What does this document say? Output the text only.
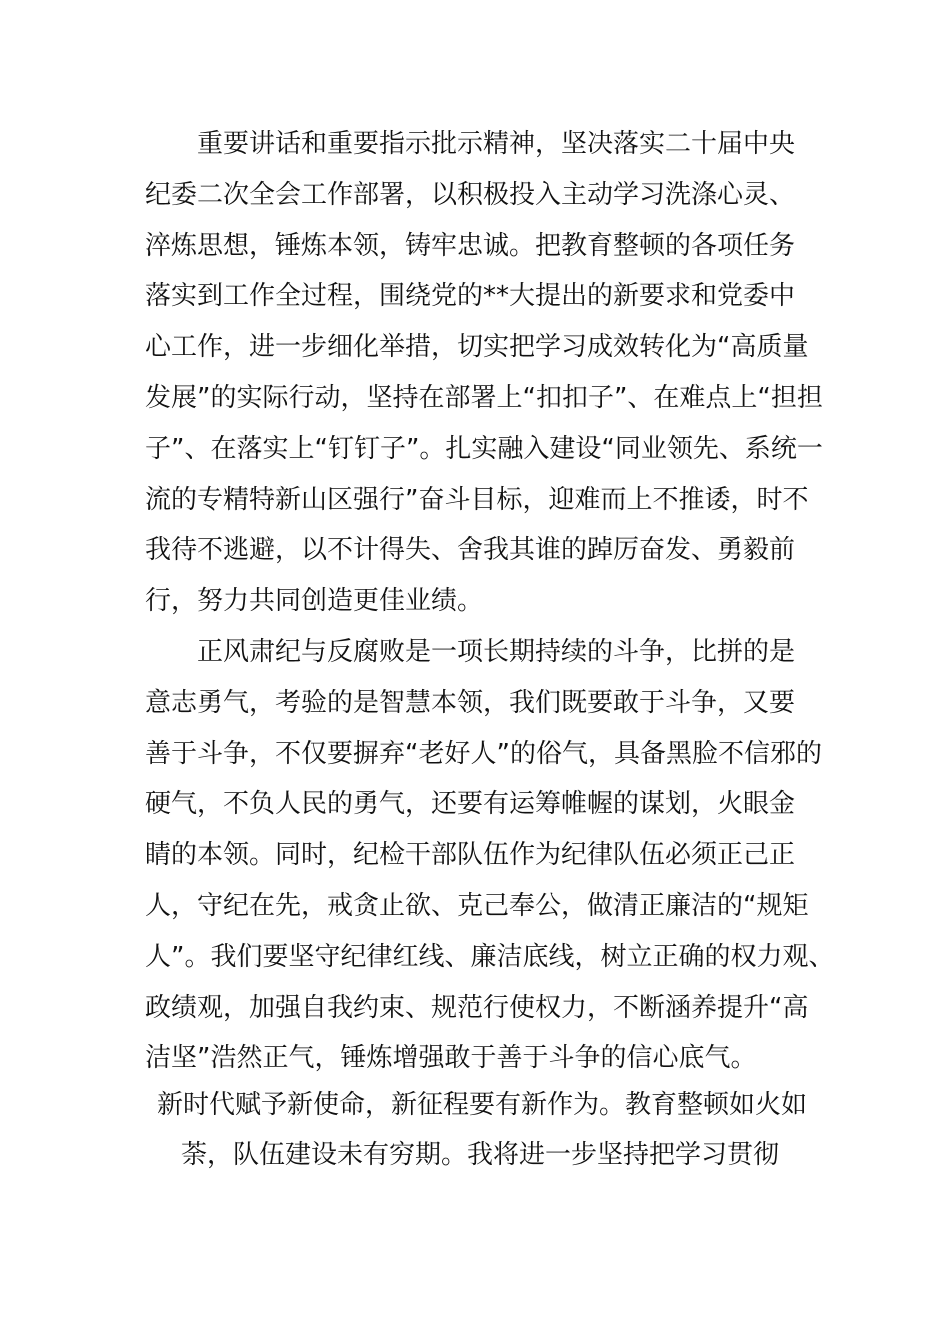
重要讲话和重要指示批示精神，坚决落实二十届中央
纪委二次全会工作部署，以积极投入主动学习洗涤心灵、
淬炼思想，锤炼本领，铸牢忠诚。把教育整顿的各项任务
落实到工作全过程，围绕党的**大提出的新要求和党委中
心工作，进一步细化举措，切实把学习成效转化为“高质量
发展”的实际行动，坚持在部署上“扣扣子”、在难点上“担担
子”、在落实上“钉钉子”。扎实融入建设“同业领先、系统一
流的专精特新山区强行”奋斗目标，迎难而上不推诿，时不
我待不逃避，以不计得失、舍我其谁的踔厉奋发、勇毅前
行，努力共同创造更佳业绩。
正风肃纪与反腐败是一项长期持续的斗争，比拼的是
意志勇气，考验的是智慧本领，我们既要敢于斗争，又要
善于斗争，不仅要摒弃“老好人”的俗气，具备黑脸不信邪的
硬气，不负人民的勇气，还要有运筹帷幄的谋划，火眼金
睛的本领。同时，纪检干部队伍作为纪律队伍必须正己正
人，守纪在先，戒贪止欲、克己奉公，做清正廉洁的“规矩
人”。我们要坚守纪律红线、廉洁底线，树立正确的权力观、
政绩观，加强自我约束、规范行使权力，不断涵养提升“高
洁坚”浩然正气，锤炼增强敢于善于斗争的信心底气。
新时代赋予新使命，新征程要有新作为。教育整顿如火如
荼，队伍建设未有穷期。我将进一步坚持把学习贯彻
